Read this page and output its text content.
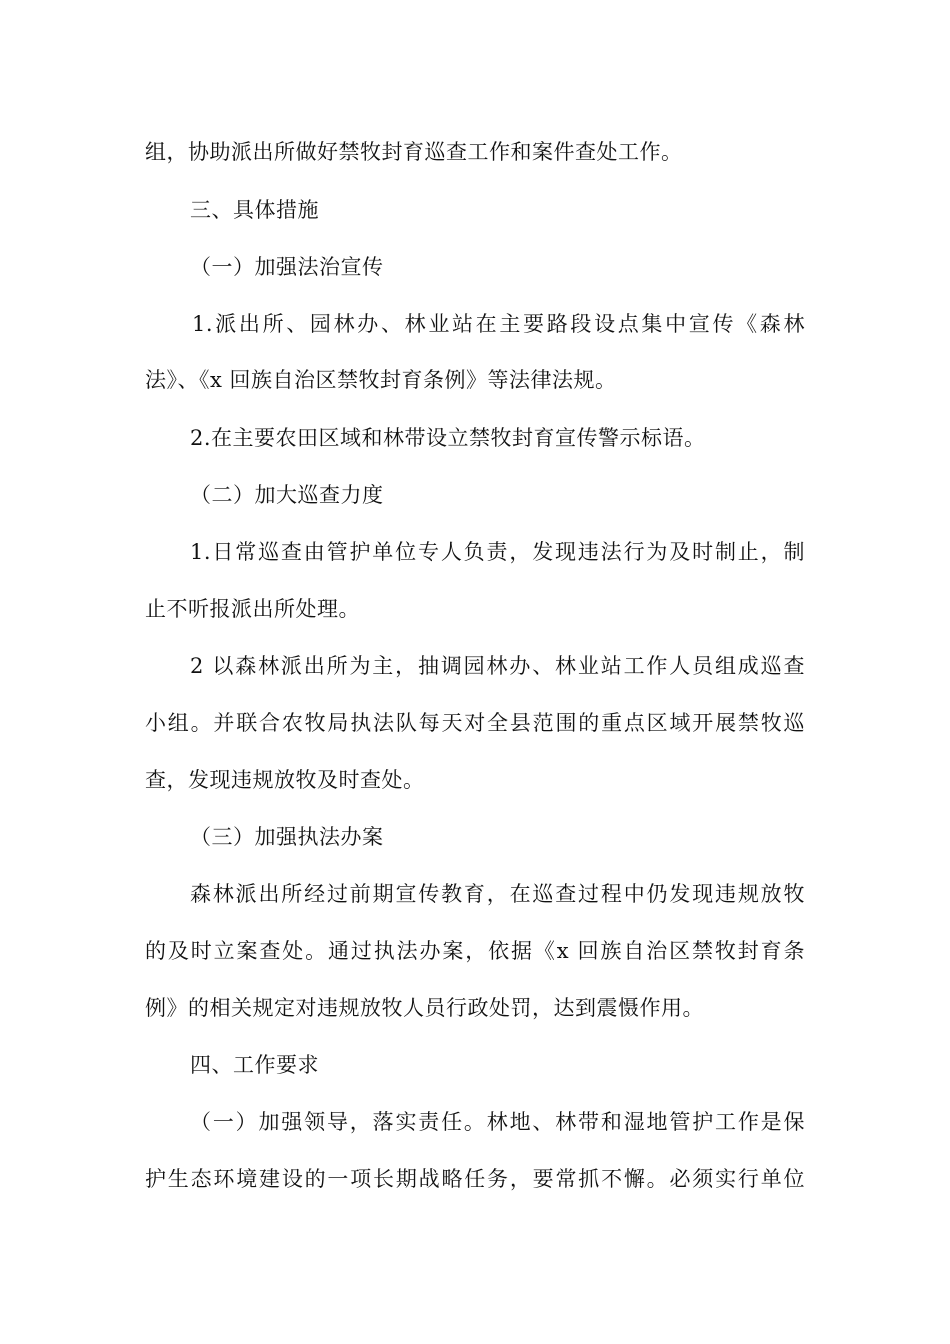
组，协助派出所做好禁牧封育巡查工作和案件查处工作。
三、具体措施
（一）加强法治宣传
1.派出所、园林办、林业站在主要路段设点集中宣传《森林
法》、《x 回族自治区禁牧封育条例》等法律法规。
2.在主要农田区域和林带设立禁牧封育宣传警示标语。
（二）加大巡查力度
1.日常巡查由管护单位专人负责，发现违法行为及时制止，制
止不听报派出所处理。
2 以森林派出所为主，抽调园林办、林业站工作人员组成巡查
小组。并联合农牧局执法队每天对全县范围的重点区域开展禁牧巡
查，发现违规放牧及时查处。
（三）加强执法办案
森林派出所经过前期宣传教育，在巡查过程中仍发现违规放牧
的及时立案查处。通过执法办案，依据《x 回族自治区禁牧封育条
例》的相关规定对违规放牧人员行政处罚，达到震慑作用。
四、工作要求
（一）加强领导，落实责任。林地、林带和湿地管护工作是保
护生态环境建设的一项长期战略任务，要常抓不懈。必须实行单位
